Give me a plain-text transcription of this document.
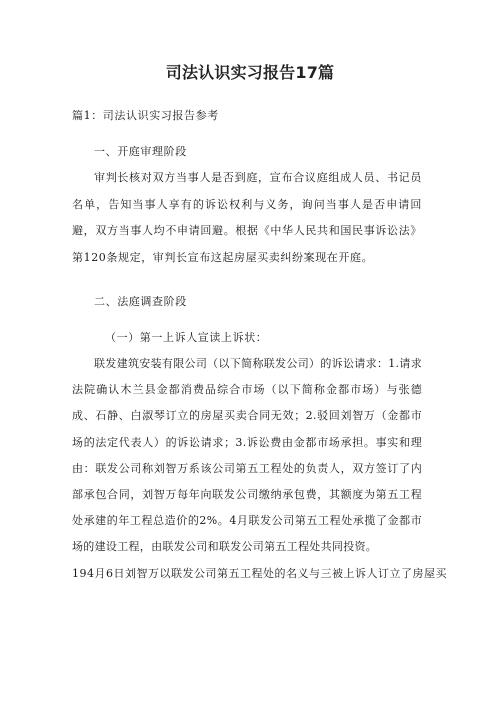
司法认识实习报告17篇

篇1：司法认识实习报告参考

一、开庭审理阶段

审判长核对双方当事人是否到庭，宣布合议庭组成人员、书记员名单，告知当事人享有的诉讼权利与义务，询问当事人是否申请回避，双方当事人均不申请回避。根据《中华人民共和国民事诉讼法》第120条规定，审判长宣布这起房屋买卖纠纷案现在开庭。

二、法庭调查阶段

（一）第一上诉人宣读上诉状：

联发建筑安装有限公司（以下简称联发公司）的诉讼请求：1.请求法院确认木兰县金都消费品综合市场（以下简称金都市场）与张德成、石静、白淑琴订立的房屋买卖合同无效；2.驳回刘智万（金都市场的法定代表人）的诉讼请求；3.诉讼费由金都市场承担。事实和理由：联发公司称刘智万系该公司第五工程处的负责人，双方签订了内部承包合同，刘智万每年向联发公司缴纳承包费，其额度为第五工程处承建的年工程总造价的2%。4月联发公司第五工程处承揽了金都市场的建设工程，由联发公司和联发公司第五工程处共同投资。

194月6日刘智万以联发公司第五工程处的名义与三被上诉人订立了房屋买
